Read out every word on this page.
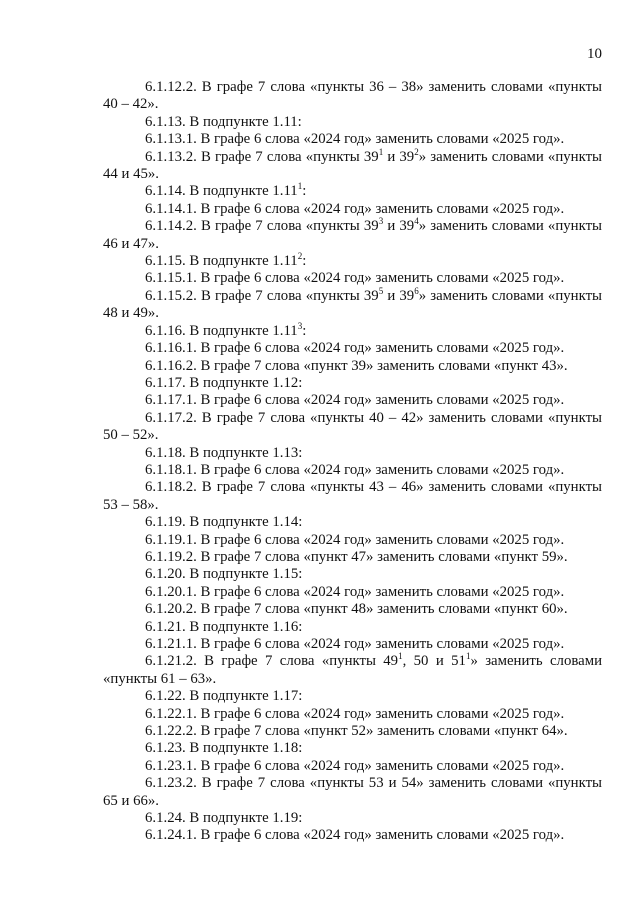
10

6.1.12.2. В графе 7 слова «пункты 36 – 38» заменить словами «пункты 40 – 42».

6.1.13. В подпункте 1.11:

6.1.13.1. В графе 6 слова «2024 год» заменить словами «2025 год».

6.1.13.2. В графе 7 слова «пункты $39^1$ и $39^2$» заменить словами «пункты 44 и 45».

6.1.14. В подпункте 1.11$^1$:

6.1.14.1. В графе 6 слова «2024 год» заменить словами «2025 год».

6.1.14.2. В графе 7 слова «пункты $39^3$ и $39^4$» заменить словами «пункты 46 и 47».

6.1.15. В подпункте 1.11$^2$:

6.1.15.1. В графе 6 слова «2024 год» заменить словами «2025 год».

6.1.15.2. В графе 7 слова «пункты $39^5$ и $39^6$» заменить словами «пункты 48 и 49».

6.1.16. В подпункте 1.11$^3$:

6.1.16.1. В графе 6 слова «2024 год» заменить словами «2025 год».

6.1.16.2. В графе 7 слова «пункт 39» заменить словами «пункт 43».

6.1.17. В подпункте 1.12:

6.1.17.1. В графе 6 слова «2024 год» заменить словами «2025 год».

6.1.17.2. В графе 7 слова «пункты 40 – 42» заменить словами «пункты 50 – 52».

6.1.18. В подпункте 1.13:

6.1.18.1. В графе 6 слова «2024 год» заменить словами «2025 год».

6.1.18.2. В графе 7 слова «пункты 43 – 46» заменить словами «пункты 53 – 58».

6.1.19. В подпункте 1.14:

6.1.19.1. В графе 6 слова «2024 год» заменить словами «2025 год».

6.1.19.2. В графе 7 слова «пункт 47» заменить словами «пункт 59».

6.1.20. В подпункте 1.15:

6.1.20.1. В графе 6 слова «2024 год» заменить словами «2025 год».

6.1.20.2. В графе 7 слова «пункт 48» заменить словами «пункт 60».

6.1.21. В подпункте 1.16:

6.1.21.1. В графе 6 слова «2024 год» заменить словами «2025 год».

6.1.21.2. В графе 7 слова «пункты $49^1$, 50 и $51^1$» заменить словами «пункты 61 – 63».

6.1.22. В подпункте 1.17:

6.1.22.1. В графе 6 слова «2024 год» заменить словами «2025 год».

6.1.22.2. В графе 7 слова «пункт 52» заменить словами «пункт 64».

6.1.23. В подпункте 1.18:

6.1.23.1. В графе 6 слова «2024 год» заменить словами «2025 год».

6.1.23.2. В графе 7 слова «пункты 53 и 54» заменить словами «пункты 65 и 66».

6.1.24. В подпункте 1.19:

6.1.24.1. В графе 6 слова «2024 год» заменить словами «2025 год».
